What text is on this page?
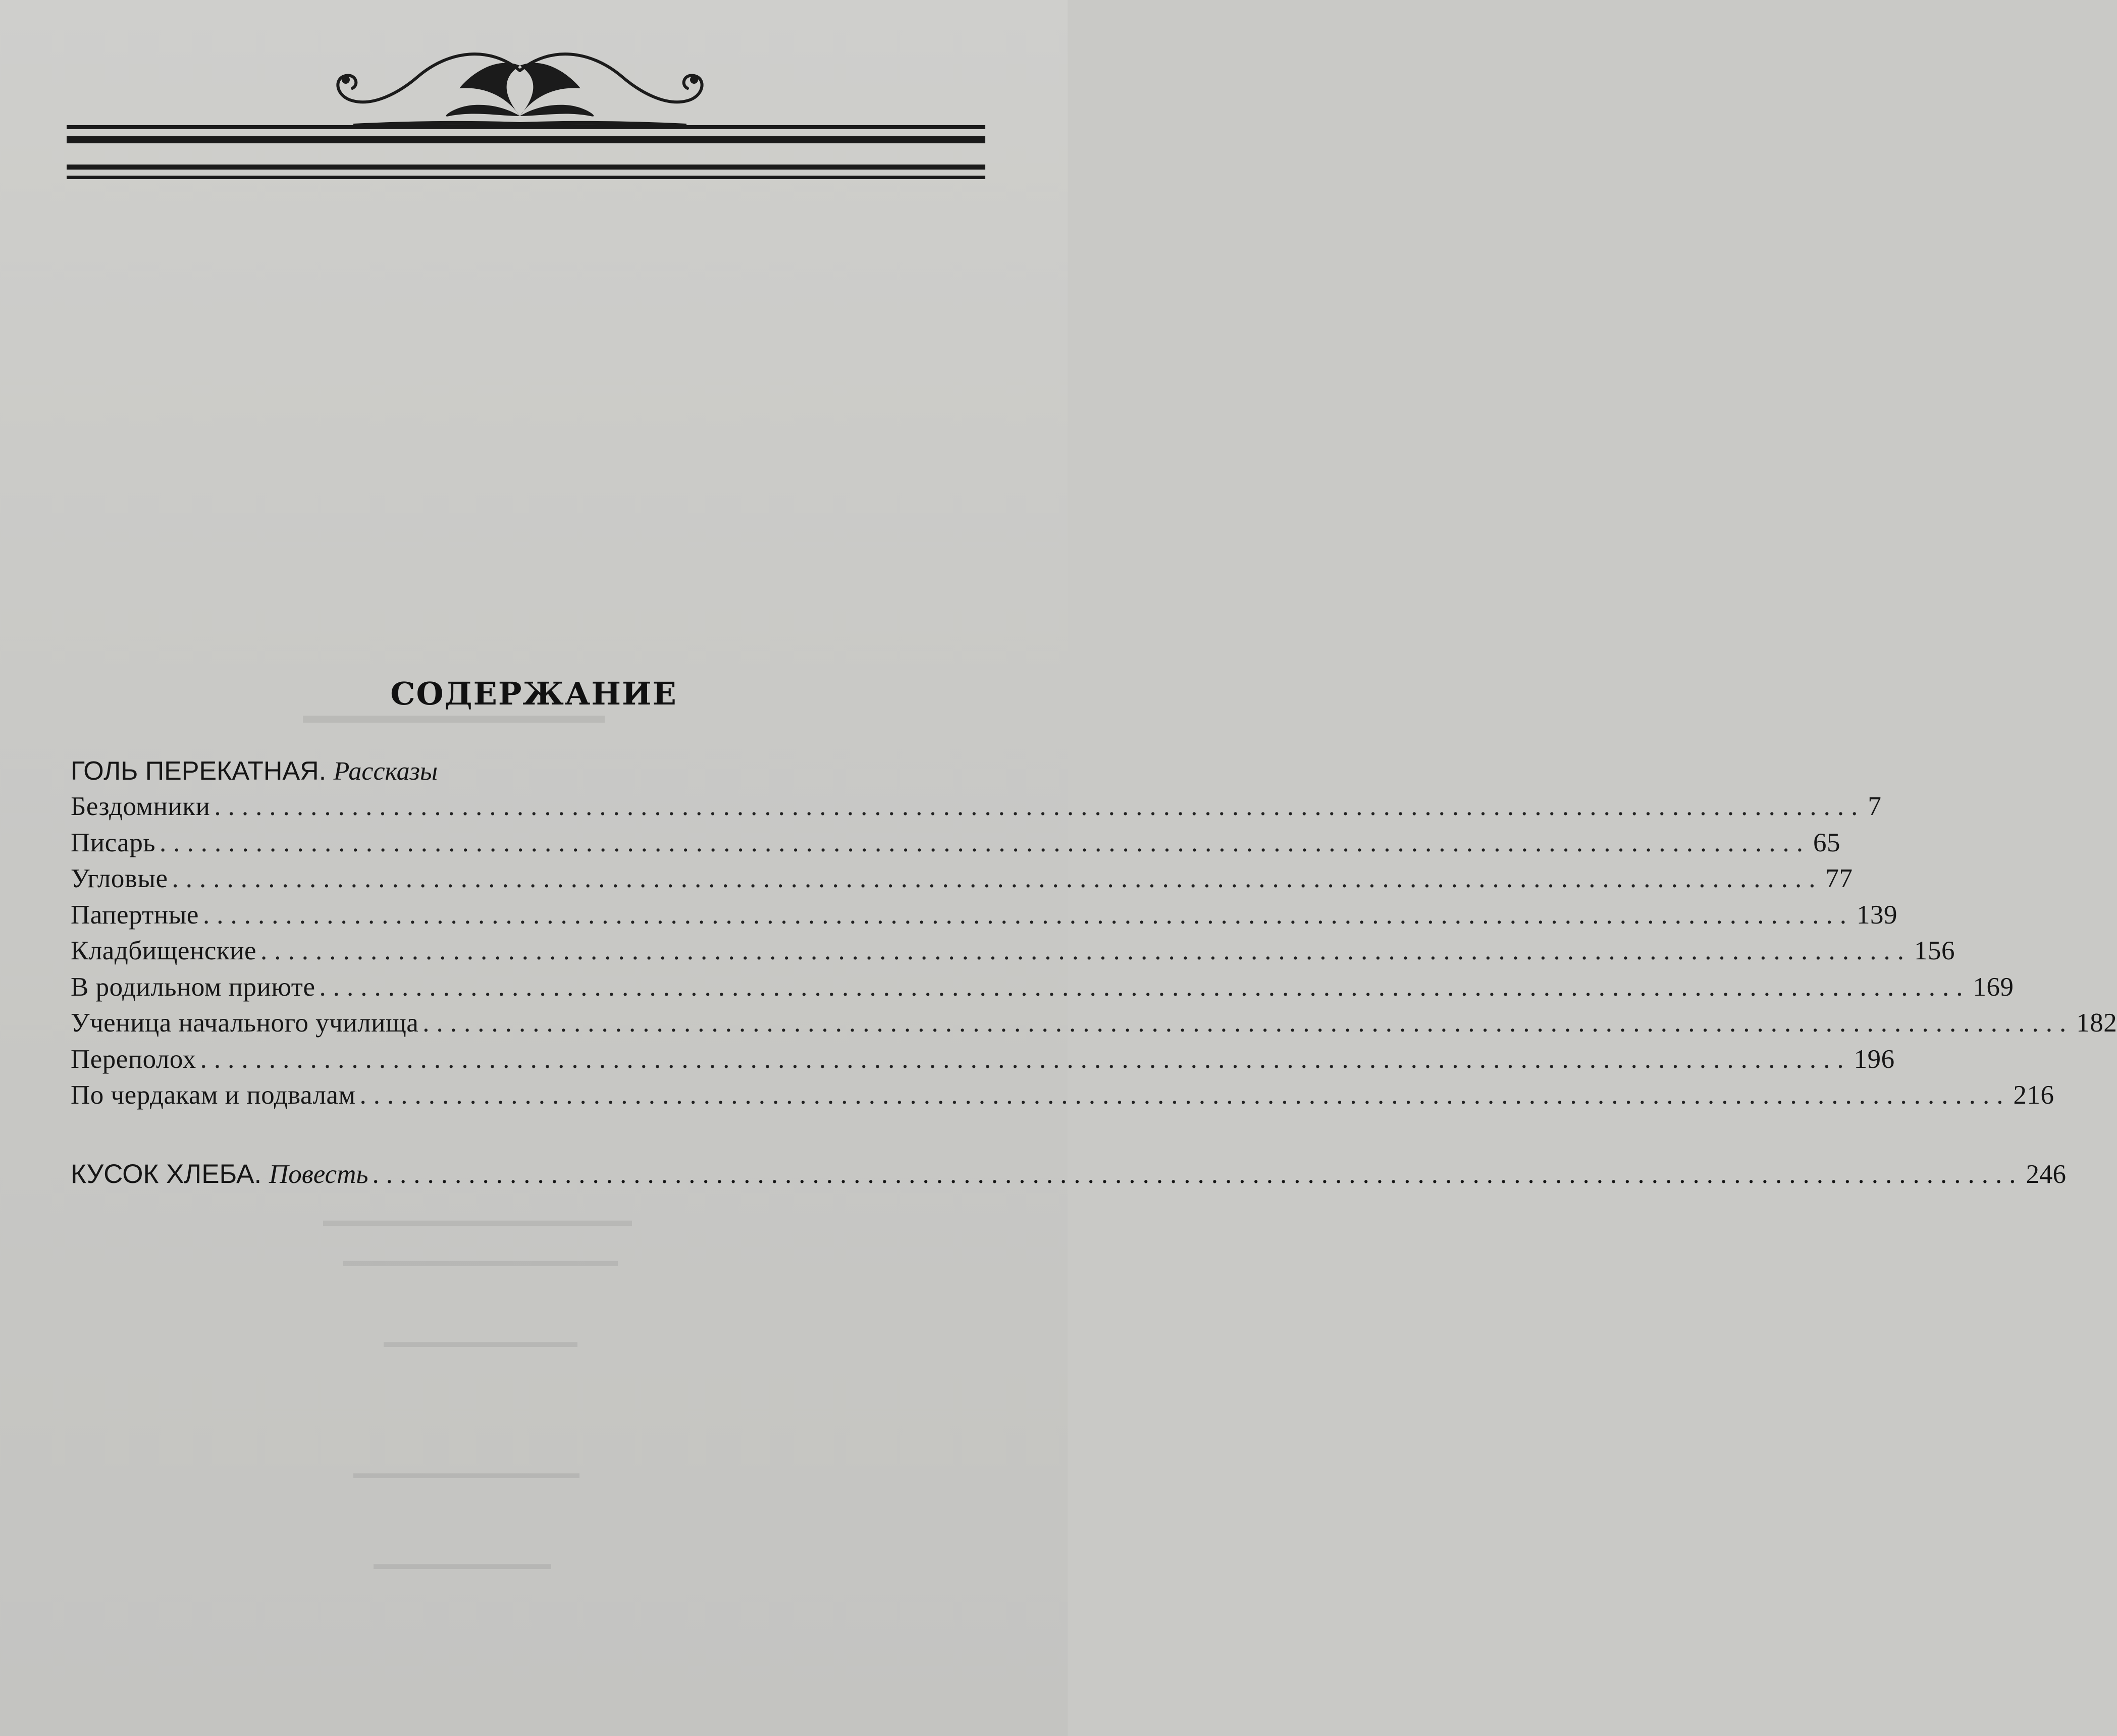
▬▬▬▬▬▬▬▬▬▬▬▬▬
▬▬▬▬▬▬▬▬▬▬▬▬▬▬▬▬▬▬
▬▬▬▬▬▬▬▬▬▬▬▬▬▬▬▬
▬▬▬▬▬▬▬▬▬▬▬▬
▬▬▬▬▬▬▬▬▬▬▬▬▬▬
▬▬▬▬▬▬▬▬▬▬▬
СОДЕРЖАНИЕ
ГОЛЬ ПЕРЕКАТНАЯ. Рассказы
Бездомники ........................................................................................................................ 7
Писарь ........................................................................................................................ 65
Угловые ........................................................................................................................ 77
Папертные ........................................................................................................................ 139
Кладбищенские ........................................................................................................................ 156
В родильном приюте ........................................................................................................................ 169
Ученица начального училища ........................................................................................................................ 182
Переполох ........................................................................................................................ 196
По чердакам и подвалам ........................................................................................................................ 216
КУСОК ХЛЕБА. Повесть ........................................................................................................................ 246
